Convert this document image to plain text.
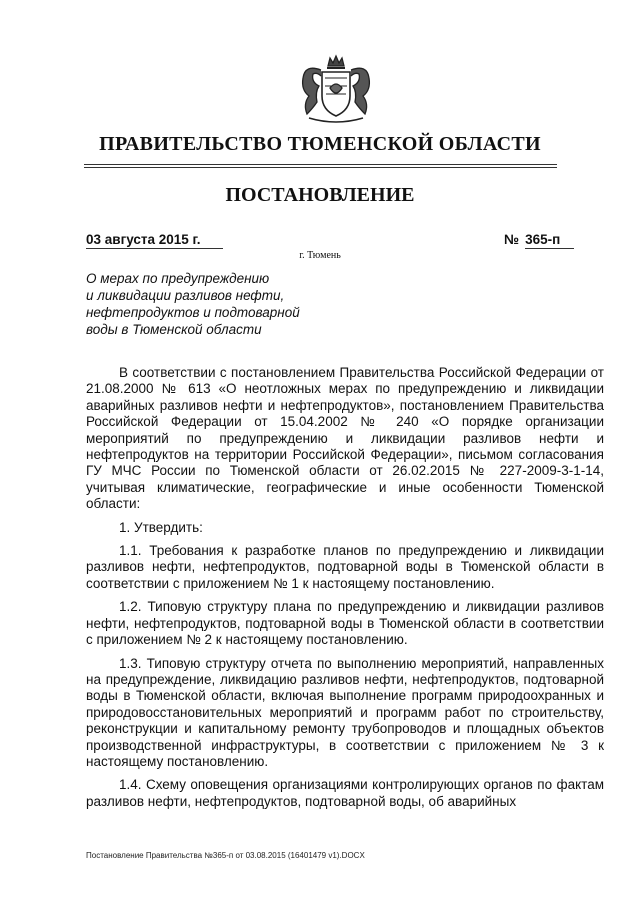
ПРАВИТЕЛЬСТВО ТЮМЕНСКОЙ ОБЛАСТИ
ПОСТАНОВЛЕНИЕ
03 августа 2015 г.	№ 365-п
г. Тюмень
О мерах по предупреждению
и ликвидации разливов нефти,
нефтепродуктов и подтоварной
воды в Тюменской области

В соответствии с постановлением Правительства Российской Федерации от 21.08.2000 № 613 «О неотложных мерах по предупреждению и ликвидации аварийных разливов нефти и нефтепродуктов», постановлением Правительства Российской Федерации от 15.04.2002 № 240 «О порядке организации мероприятий по предупреждению и ликвидации разливов нефти и нефтепродуктов на территории Российской Федерации», письмом согласования ГУ МЧС России по Тюменской области от 26.02.2015 № 227-2009-3-1-14, учитывая климатические, географические и иные особенности Тюменской области:

1. Утвердить:

1.1. Требования к разработке планов по предупреждению и ликвидации разливов нефти, нефтепродуктов, подтоварной воды в Тюменской области в соответствии с приложением № 1 к настоящему постановлению.

1.2. Типовую структуру плана по предупреждению и ликвидации разливов нефти, нефтепродуктов, подтоварной воды в Тюменской области в соответствии с приложением № 2 к настоящему постановлению.

1.3. Типовую структуру отчета по выполнению мероприятий, направленных на предупреждение, ликвидацию разливов нефти, нефтепродуктов, подтоварной воды в Тюменской области, включая выполнение программ природоохранных и природовосстановительных мероприятий и программ работ по строительству, реконструкции и капитальному ремонту трубопроводов и площадных объектов производственной инфраструктуры, в соответствии с приложением № 3 к настоящему постановлению.

1.4. Схему оповещения организациями контролирующих органов по фактам разливов нефти, нефтепродуктов, подтоварной воды, об аварийных

Постановление Правительства №365-п от 03.08.2015 (16401479 v1).DOCX
